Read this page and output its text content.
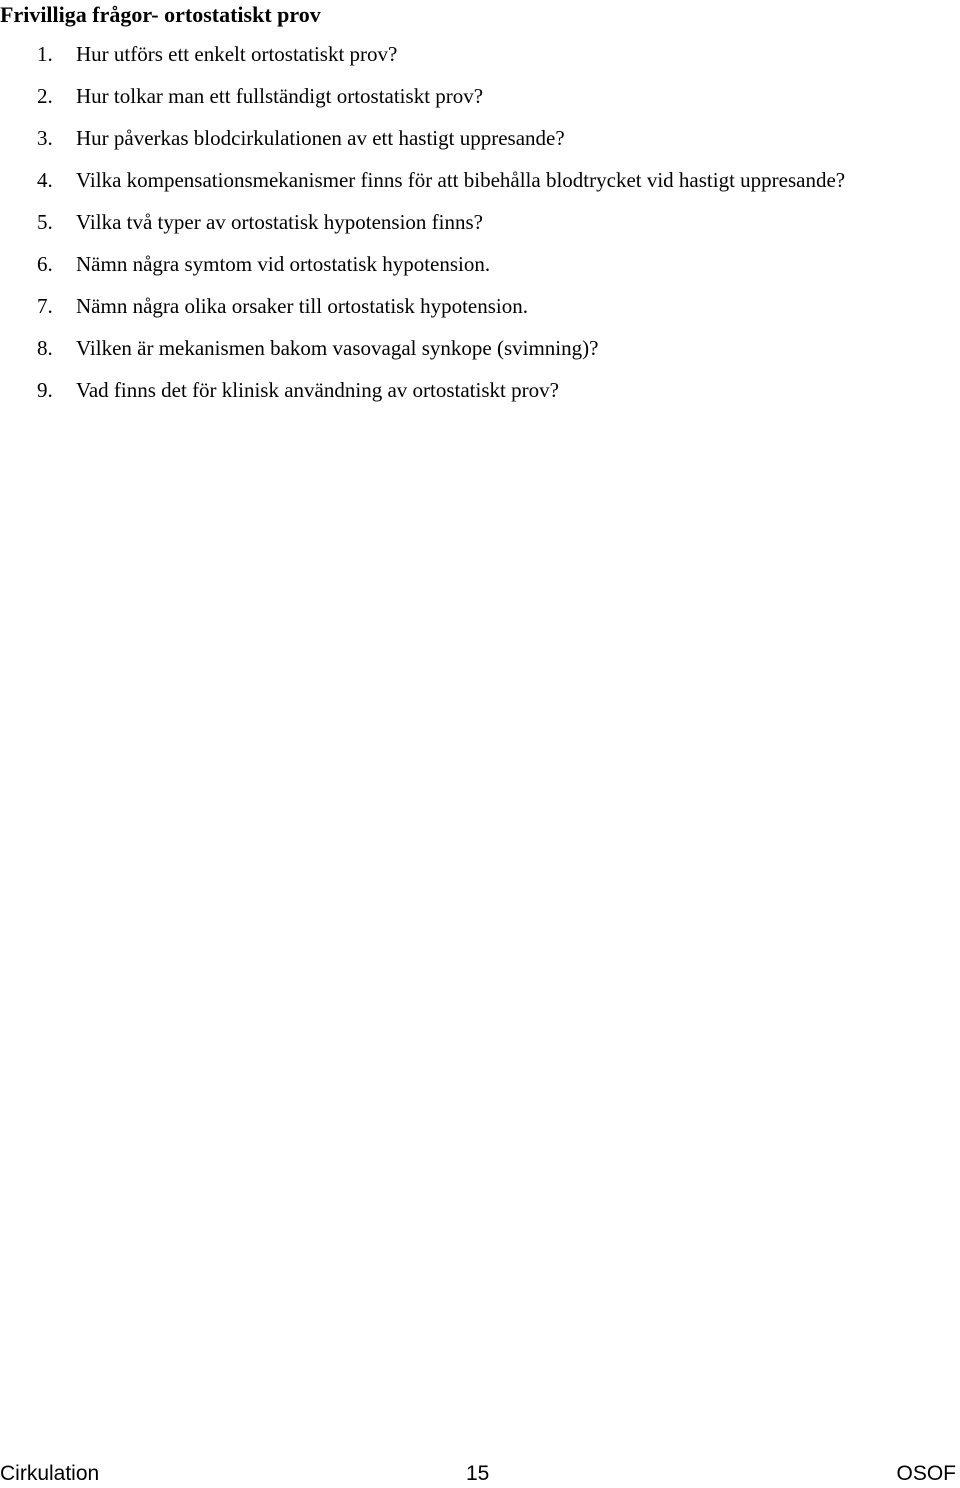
Frivilliga frågor- ortostatiskt prov
1. Hur utförs ett enkelt ortostatiskt prov?
2. Hur tolkar man ett fullständigt ortostatiskt prov?
3. Hur påverkas blodcirkulationen av ett hastigt uppresande?
4. Vilka kompensationsmekanismer finns för att bibehålla blodtrycket vid hastigt uppresande?
5. Vilka två typer av ortostatisk hypotension finns?
6. Nämn några symtom vid ortostatisk hypotension.
7. Nämn några olika orsaker till ortostatisk hypotension.
8. Vilken är mekanismen bakom vasovagal synkope (svimning)?
9. Vad finns det för klinisk användning av ortostatiskt prov?
Cirkulation	15	OSOF
